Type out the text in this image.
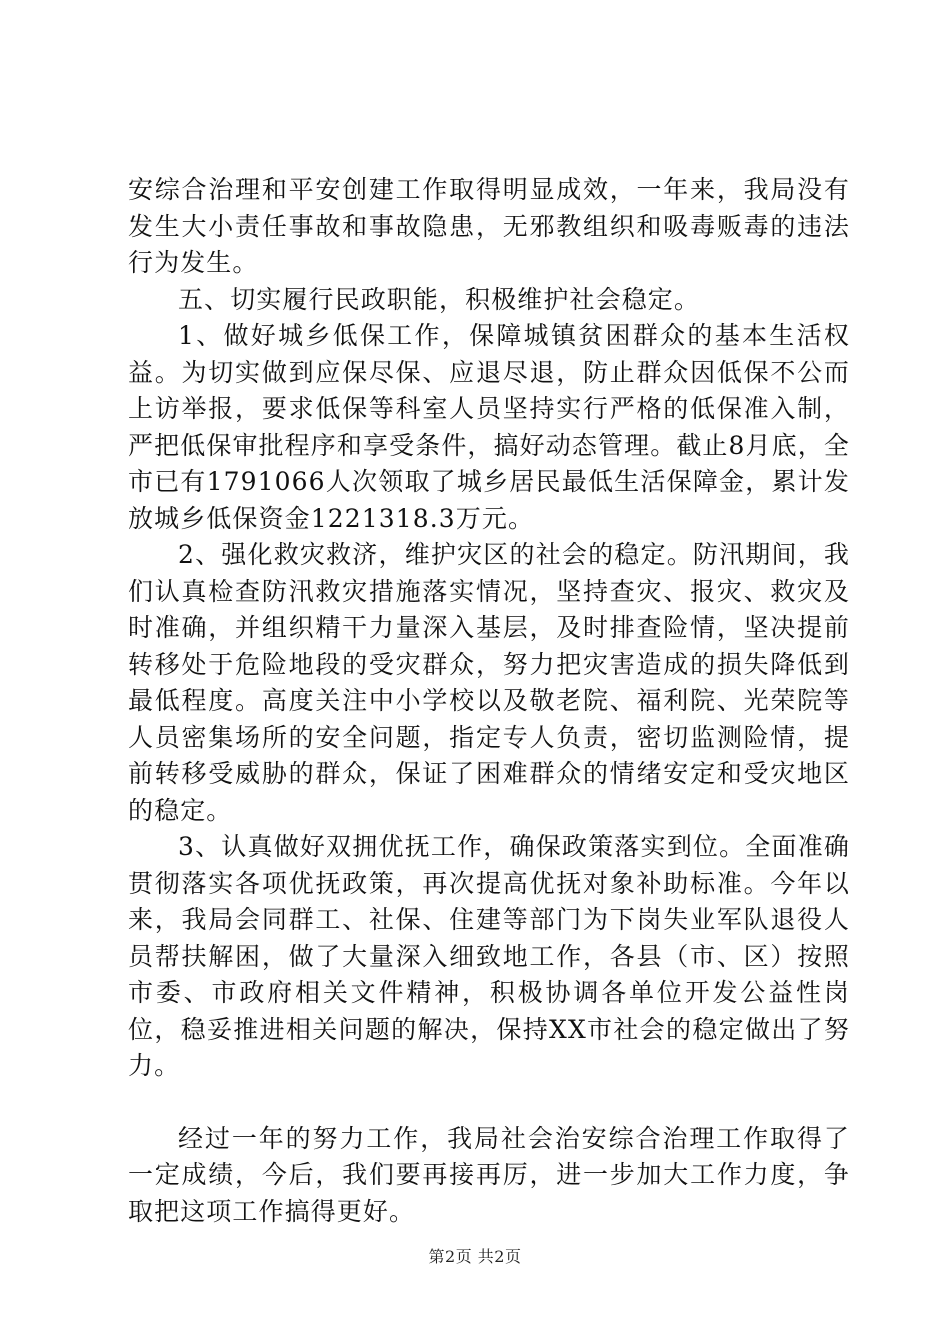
安综合治理和平安创建工作取得明显成效，一年来，我局没有发生大小责任事故和事故隐患，无邪教组织和吸毒贩毒的违法行为发生。

五、切实履行民政职能，积极维护社会稳定。

1、做好城乡低保工作，保障城镇贫困群众的基本生活权益。为切实做到应保尽保、应退尽退，防止群众因低保不公而上访举报，要求低保等科室人员坚持实行严格的低保准入制，严把低保审批程序和享受条件，搞好动态管理。截止8月底，全市已有1791066人次领取了城乡居民最低生活保障金，累计发放城乡低保资金1221318.3万元。

2、强化救灾救济，维护灾区的社会的稳定。防汛期间，我们认真检查防汛救灾措施落实情况，坚持查灾、报灾、救灾及时准确，并组织精干力量深入基层，及时排查险情，坚决提前转移处于危险地段的受灾群众，努力把灾害造成的损失降低到最低程度。高度关注中小学校以及敬老院、福利院、光荣院等人员密集场所的安全问题，指定专人负责，密切监测险情，提前转移受威胁的群众，保证了困难群众的情绪安定和受灾地区的稳定。

3、认真做好双拥优抚工作，确保政策落实到位。全面准确贯彻落实各项优抚政策，再次提高优抚对象补助标准。今年以来，我局会同群工、社保、住建等部门为下岗失业军队退役人员帮扶解困，做了大量深入细致地工作，各县（市、区）按照市委、市政府相关文件精神，积极协调各单位开发公益性岗位，稳妥推进相关问题的解决，保持XX市社会的稳定做出了努力。

经过一年的努力工作，我局社会治安综合治理工作取得了一定成绩，今后，我们要再接再厉，进一步加大工作力度，争取把这项工作搞得更好。

第2页 共2页
